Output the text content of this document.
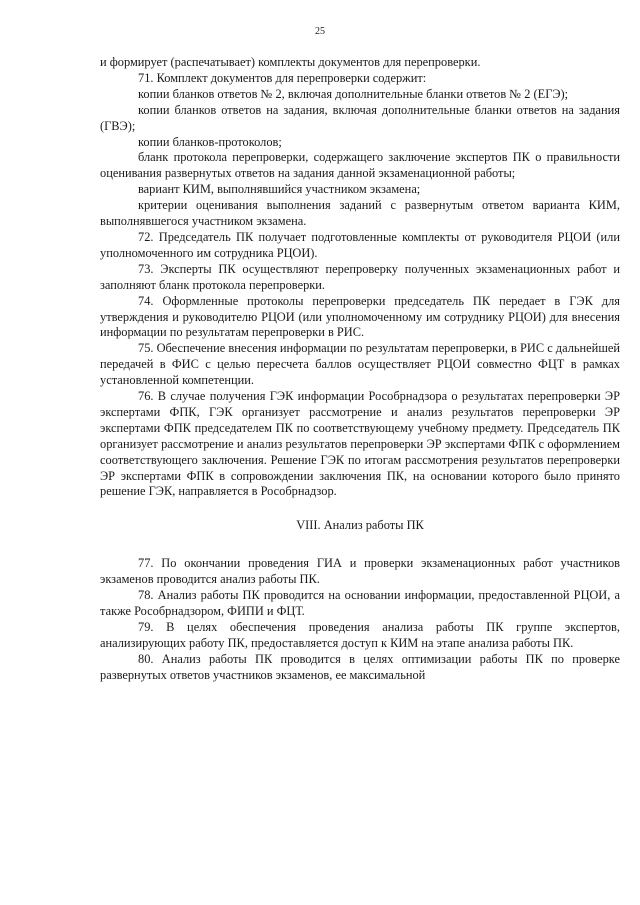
25

и формирует (распечатывает) комплекты документов для перепроверки.

71. Комплект документов для перепроверки содержит:

копии бланков ответов № 2, включая дополнительные бланки ответов № 2 (ЕГЭ);

копии бланков ответов на задания, включая дополнительные бланки ответов на задания (ГВЭ);

копии бланков-протоколов;

бланк протокола перепроверки, содержащего заключение экспертов ПК о правильности оценивания развернутых ответов на задания данной экзаменационной работы;

вариант КИМ, выполнявшийся участником экзамена;

критерии оценивания выполнения заданий с развернутым ответом варианта КИМ, выполнявшегося участником экзамена.

72. Председатель ПК получает подготовленные комплекты от руководителя РЦОИ (или уполномоченного им сотрудника РЦОИ).

73. Эксперты ПК осуществляют перепроверку полученных экзаменационных работ и заполняют бланк протокола перепроверки.

74. Оформленные протоколы перепроверки председатель ПК передает в ГЭК для утверждения и руководителю РЦОИ (или уполномоченному им сотруднику РЦОИ) для внесения информации по результатам перепроверки в РИС.

75. Обеспечение внесения информации по результатам перепроверки, в РИС с дальнейшей передачей в ФИС с целью пересчета баллов осуществляет РЦОИ совместно ФЦТ в рамках установленной компетенции.

76. В случае получения ГЭК информации Рособрнадзора о результатах перепроверки ЭР экспертами ФПК, ГЭК организует рассмотрение и анализ результатов перепроверки ЭР экспертами ФПК председателем ПК по соответствующему учебному предмету. Председатель ПК организует рассмотрение и анализ результатов перепроверки ЭР экспертами ФПК с оформлением соответствующего заключения. Решение ГЭК по итогам рассмотрения результатов перепроверки ЭР экспертами ФПК в сопровождении заключения ПК, на основании которого было принято решение ГЭК, направляется в Рособрнадзор.

VIII. Анализ работы ПК

77. По окончании проведения ГИА и проверки экзаменационных работ участников экзаменов проводится анализ работы ПК.

78. Анализ работы ПК проводится на основании информации, предоставленной РЦОИ, а также Рособрнадзором, ФИПИ и ФЦТ.

79. В целях обеспечения проведения анализа работы ПК группе экспертов, анализирующих работу ПК, предоставляется доступ к КИМ на этапе анализа работы ПК.

80. Анализ работы ПК проводится в целях оптимизации работы ПК по проверке развернутых ответов участников экзаменов, ее максимальной
